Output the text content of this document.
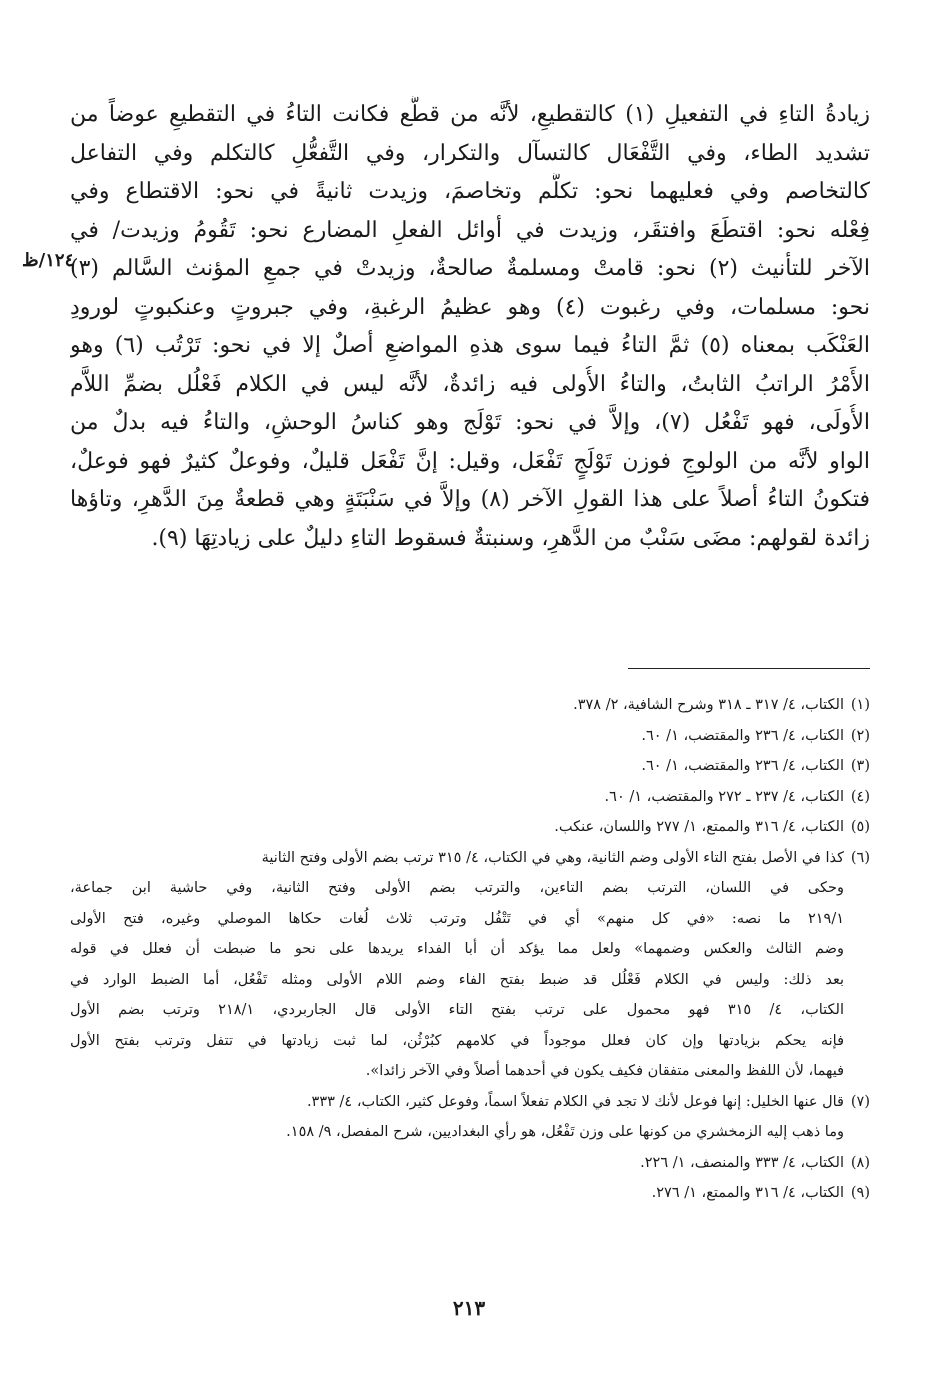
زيادةُ التاءِ في التفعيلِ (١) كالتقطيعِ، لأنَّه من قطَّع فكانت التاءُ في التقطيعِ عوضاً من
تشديد الطاء، وفي التَّفْعَال كالتسآل والتكرار، وفي التَّفعُّلِ كالتكلم وفي التفاعل
كالتخاصم وفي فعليهما نحو: تكلَّم وتخاصمَ، وزيدت ثانيةً في نحو: الاقتطاع وفي
فِعْله نحو: اقتطَعَ وافتقَر، وزيدت في أوائل الفعلِ المضارع نحو: تَقُومُ وزيدت/ في
الآخر للتأنيث (٢) نحو: قامتْ ومسلمةٌ صالحةٌ، وزيدتْ في جمعِ المؤنث السَّالم (٣)
نحو: مسلمات، وفي رغبوت (٤) وهو عظيمُ الرغبةِ، وفي جبروتٍ وعنكبوتٍ لورودِ
العَنْكَب بمعناه (٥) ثمَّ التاءُ فيما سوى هذهِ المواضعِ أصلٌ إلا في نحو: تَرْتُب (٦) وهو
الأَمْرُ الراتبُ الثابتُ، والتاءُ الأُولى فيه زائدةٌ، لأنَّه ليس في الكلام فَعْلُل بضمِّ اللاَّم
الأُولَى، فهو تَفْعُل (٧)، وإلاَّ في نحو: تَوْلَج وهو كناسُ الوحشِ، والتاءُ فيه بدلٌ من
الواو لأنَّه من الولوجِ فوزن تَوْلَجٍ تَفْعَل، وقيل: إنَّ تَفْعَل قليلٌ، وفوعلٌ كثيرٌ فهو فوعلٌ،
فتكونُ التاءُ أصلاً على هذا القولِ الآخر (٨) وإلاَّ في سَنْبَتَةٍ وهي قطعةٌ مِنَ الدَّهرِ، وتاؤها
زائدة لقولهم: مضَى سَنْبٌ من الدَّهرِ، وسنبتةٌ فسقوط التاءِ دليلٌ على زيادتِهَا (٩).
١٢٤/ظ
(١)الكتاب، ٤/ ٣١٧ ـ ٣١٨ وشرح الشافية، ٢/ ٣٧٨.
(٢)الكتاب، ٤/ ٢٣٦ والمقتضب، ١/ ٦٠.
(٣)الكتاب، ٤/ ٢٣٦ والمقتضب، ١/ ٦٠.
(٤)الكتاب، ٤/ ٢٣٧ ـ ٢٧٢ والمقتضب، ١/ ٦٠.
(٥)الكتاب، ٤/ ٣١٦ والممتع، ١/ ٢٧٧ واللسان، عنكب.
(٦)كذا في الأصل بفتح التاء الأولى وضم الثانية، وهي في الكتاب، ٤/ ٣١٥ ترتب بضم الأولى وفتح الثانية
وحكى في اللسان، الترتب بضم التاءين، والترتب بضم الأولى وفتح الثانية، وفي حاشية ابن جماعة،
٢١٩/١ ما نصه: «في كل منهم» أي في تَتْفُل وترتب ثلاث لُغات حكاها الموصلي وغيره، فتح الأولى
وضم الثالث والعكس وضمهما» ولعل مما يؤكد أن أبا الفداء يريدها على نحو ما ضبطت أن فعلل في قوله
بعد ذلك: وليس في الكلام فَعْلُل قد ضبط بفتح الفاء وضم اللام الأولى ومثله تَفْعُل، أما الضبط الوارد في
الكتاب، ٤/ ٣١٥ فهو محمول على ترتب بفتح التاء الأولى قال الجاربردي، ٢١٨/١ وترتب بضم الأول
فإنه يحكم بزيادتها وإن كان فعلل موجوداً في كلامهم كبُرْثُن، لما ثبت زيادتها في تتفل وترتب بفتح الأول
فيهما، لأن اللفظ والمعنى متفقان فكيف يكون في أحدهما أصلاً وفي الآخر زائدا».
(٧)قال عنها الخليل: إنها فوعل لأنك لا تجد في الكلام تفعلاً اسماً، وفوعل كثير، الكتاب، ٤/ ٣٣٣.
وما ذهب إليه الزمخشري من كونها على وزن تَفْعُل، هو رأي البغداديين، شرح المفصل، ٩/ ١٥٨.
(٨)الكتاب، ٤/ ٣٣٣ والمنصف، ١/ ٢٢٦.
(٩)الكتاب، ٤/ ٣١٦ والممتع، ١/ ٢٧٦.
٢١٣
